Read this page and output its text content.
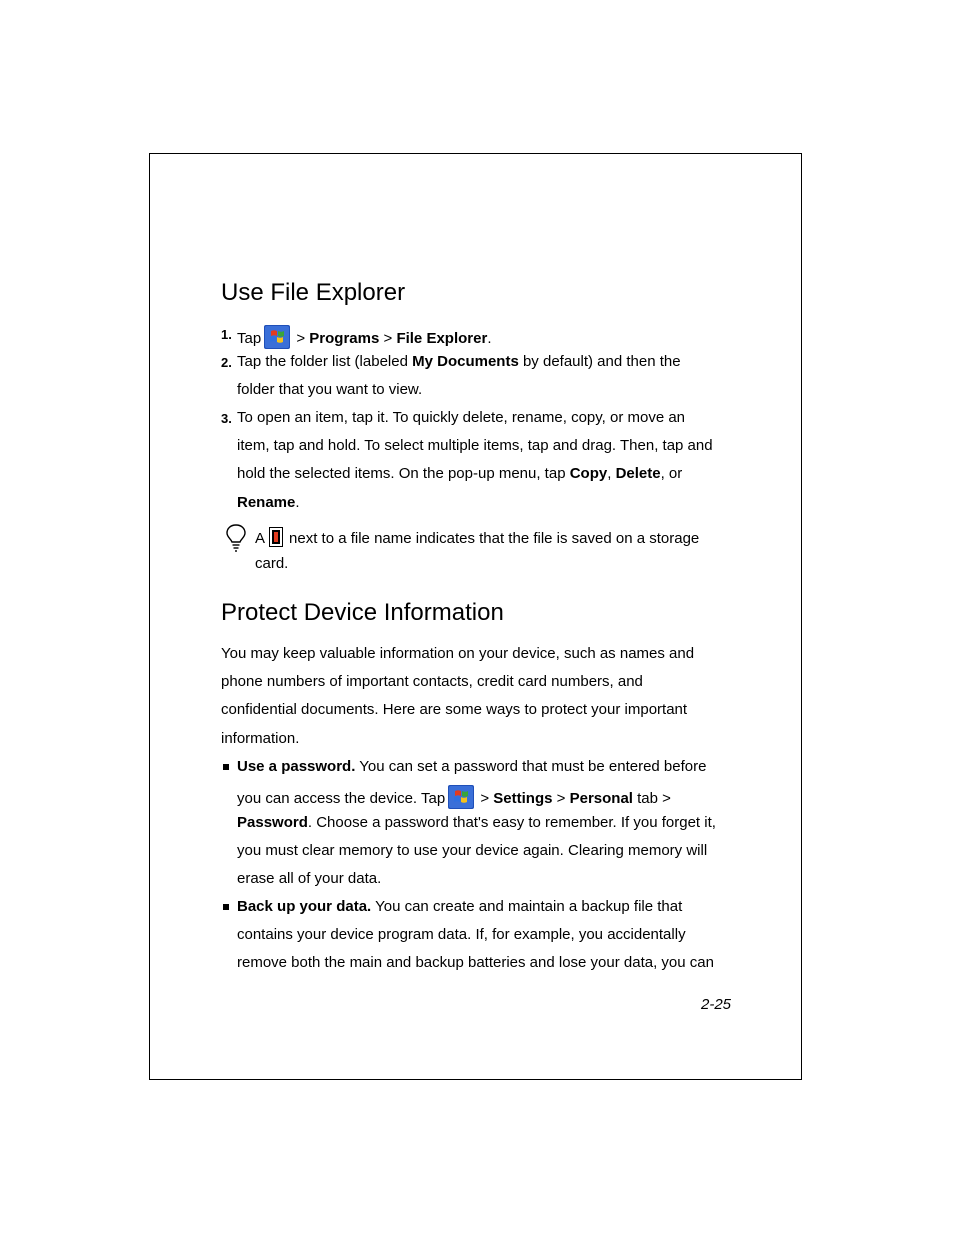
Use File Explorer
1. Tap > Programs > File Explorer.
2. Tap the folder list (labeled My Documents by default) and then the
folder that you want to view.
3. To open an item, tap it. To quickly delete, rename, copy, or move an
item, tap and hold. To select multiple items, tap and drag. Then, tap and
hold the selected items. On the pop-up menu, tap Copy, Delete, or
Rename.
A next to a file name indicates that the file is saved on a storage
card.
Protect Device Information
You may keep valuable information on your device, such as names and
phone numbers of important contacts, credit card numbers, and
confidential documents. Here are some ways to protect your important
information.
Use a password. You can set a password that must be entered before
you can access the device. Tap > Settings > Personal tab >
Password. Choose a password that's easy to remember. If you forget it,
you must clear memory to use your device again. Clearing memory will
erase all of your data.
Back up your data. You can create and maintain a backup file that
contains your device program data. If, for example, you accidentally
remove both the main and backup batteries and lose your data, you can
2-25
